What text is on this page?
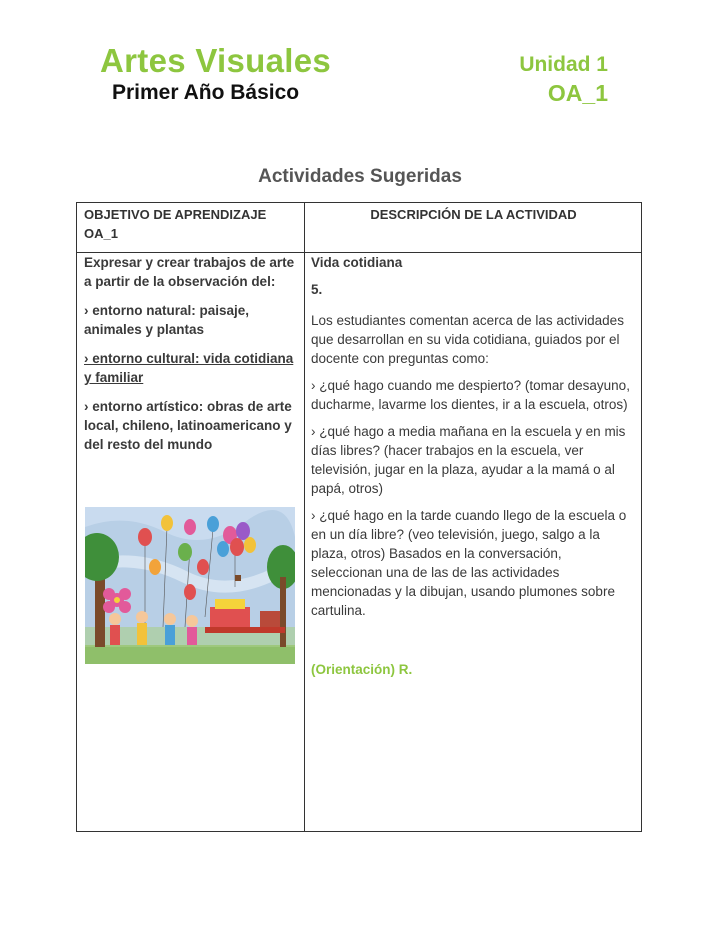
Artes Visuales
Primer Año Básico
Unidad 1
OA_1
Actividades Sugeridas
OBJETIVO DE APRENDIZAJE OA_1
DESCRIPCIÓN DE LA ACTIVIDAD

Expresar y crear trabajos de arte a partir de la observación del:

› entorno natural: paisaje, animales y plantas

› entorno cultural: vida cotidiana y familiar

› entorno artístico: obras de arte local, chileno, latinoamericano y del resto del mundo

Vida cotidiana

5.

Los estudiantes comentan acerca de las actividades que desarrollan en su vida cotidiana, guiados por el docente con preguntas como:

› ¿qué hago cuando me despierto? (tomar desayuno, ducharme, lavarme los dientes, ir a la escuela, otros)

› ¿qué hago a media mañana en la escuela y en mis días libres? (hacer trabajos en la escuela, ver televisión, jugar en la plaza, ayudar a la mamá o al papá, otros)

› ¿qué hago en la tarde cuando llego de la escuela o en un día libre? (veo televisión, juego, salgo a la plaza, otros) Basados en la conversación, seleccionan una de las de las actividades mencionadas y la dibujan, usando plumones sobre cartulina.

(Orientación) R.
